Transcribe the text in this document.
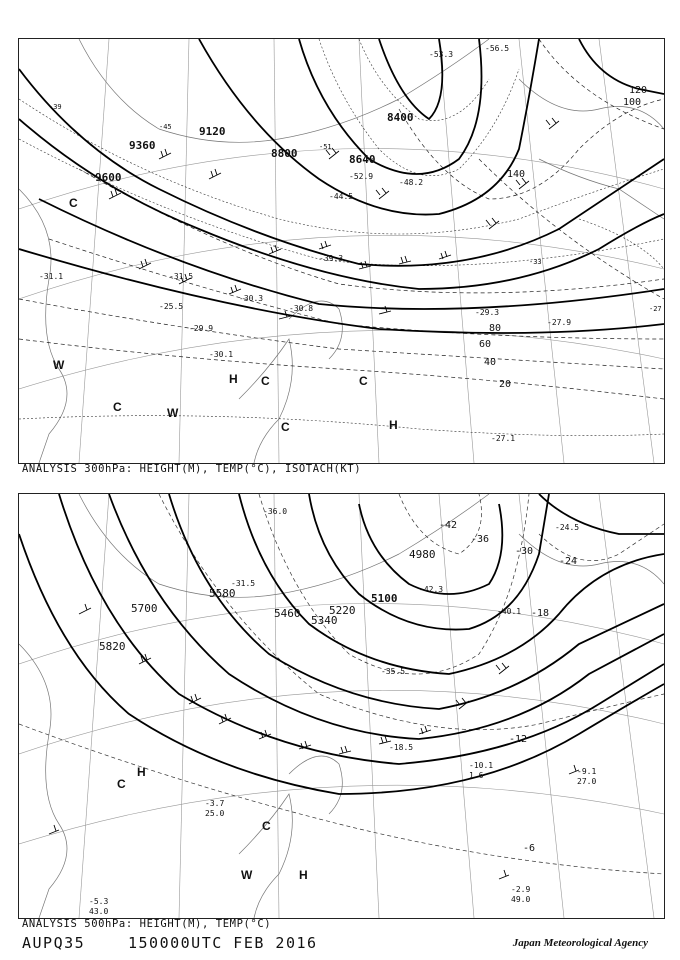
9600
9360
9120
8800	8640
8400
20
40
60
80
100
120
140
-31.5
-30.3
-29.9
-30.1
-29.3
-27.9
-53.3
-56.5
-52.9
-48.2
-44.5
-39.3
-30.8
-27.1
-31.1
-25.5
-39
-45
-51
-33
-27
H
H
C
C	C
W
W
C
C
ANALYSIS 300hPa: HEIGHT(M), TEMP(°C), ISOTACH(KT)
5820
5700
5580
5460
5340
5220
5100
4980
-2.9
49.0
-9.1
27.0
-10.1
1.6
-3.7
25.0
-5.3
43.0
-18.5
-24.5
-31.5
-40.1
-42.3
-35.5
-36.0
-6
-12
-18
-24
-30
-36
-42
H
H
C
C
W
ANALYSIS 500hPa: HEIGHT(M), TEMP(°C)
AUPQ35	150000UTC FEB 2016	Japan Meteorological Agency
